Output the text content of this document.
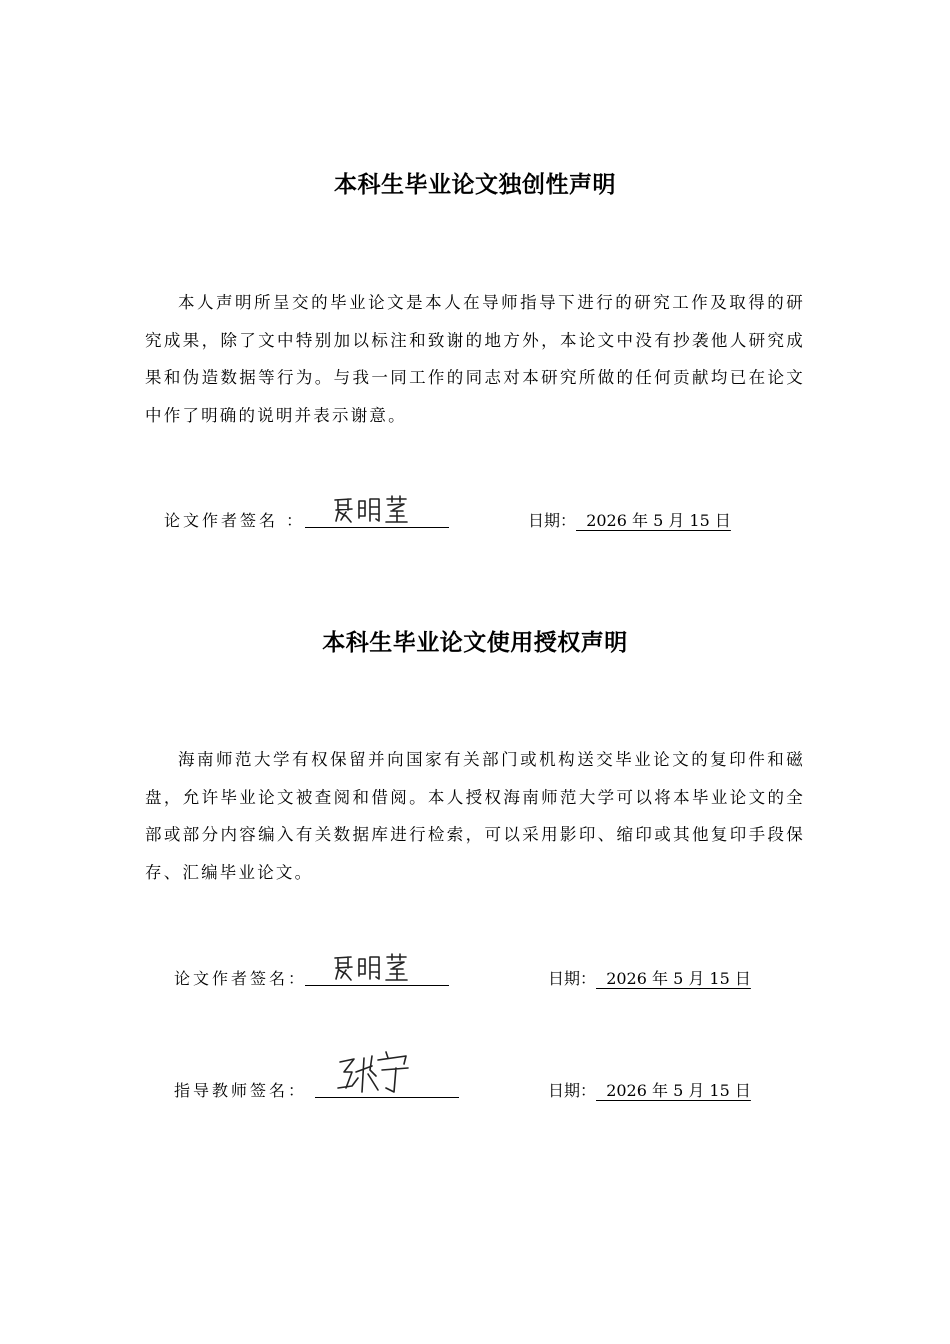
本科生毕业论文独创性声明
本人声明所呈交的毕业论文是本人在导师指导下进行的研究工作及取得的研究成果，除了文中特别加以标注和致谢的地方外，本论文中没有抄袭他人研究成果和伪造数据等行为。与我一同工作的同志对本研究所做的任何贡献均已在论文中作了明确的说明并表示谢意。
论文作者签名 ：	日期：  2026 年 5 月 15 日
本科生毕业论文使用授权声明
海南师范大学有权保留并向国家有关部门或机构送交毕业论文的复印件和磁盘，允许毕业论文被查阅和借阅。本人授权海南师范大学可以将本毕业论文的全部或部分内容编入有关数据库进行检索，可以采用影印、缩印或其他复印手段保存、汇编毕业论文。
论文作者签名：	日期：  2026 年 5 月 15 日
指导教师签名：	日期：  2026 年 5 月 15 日
